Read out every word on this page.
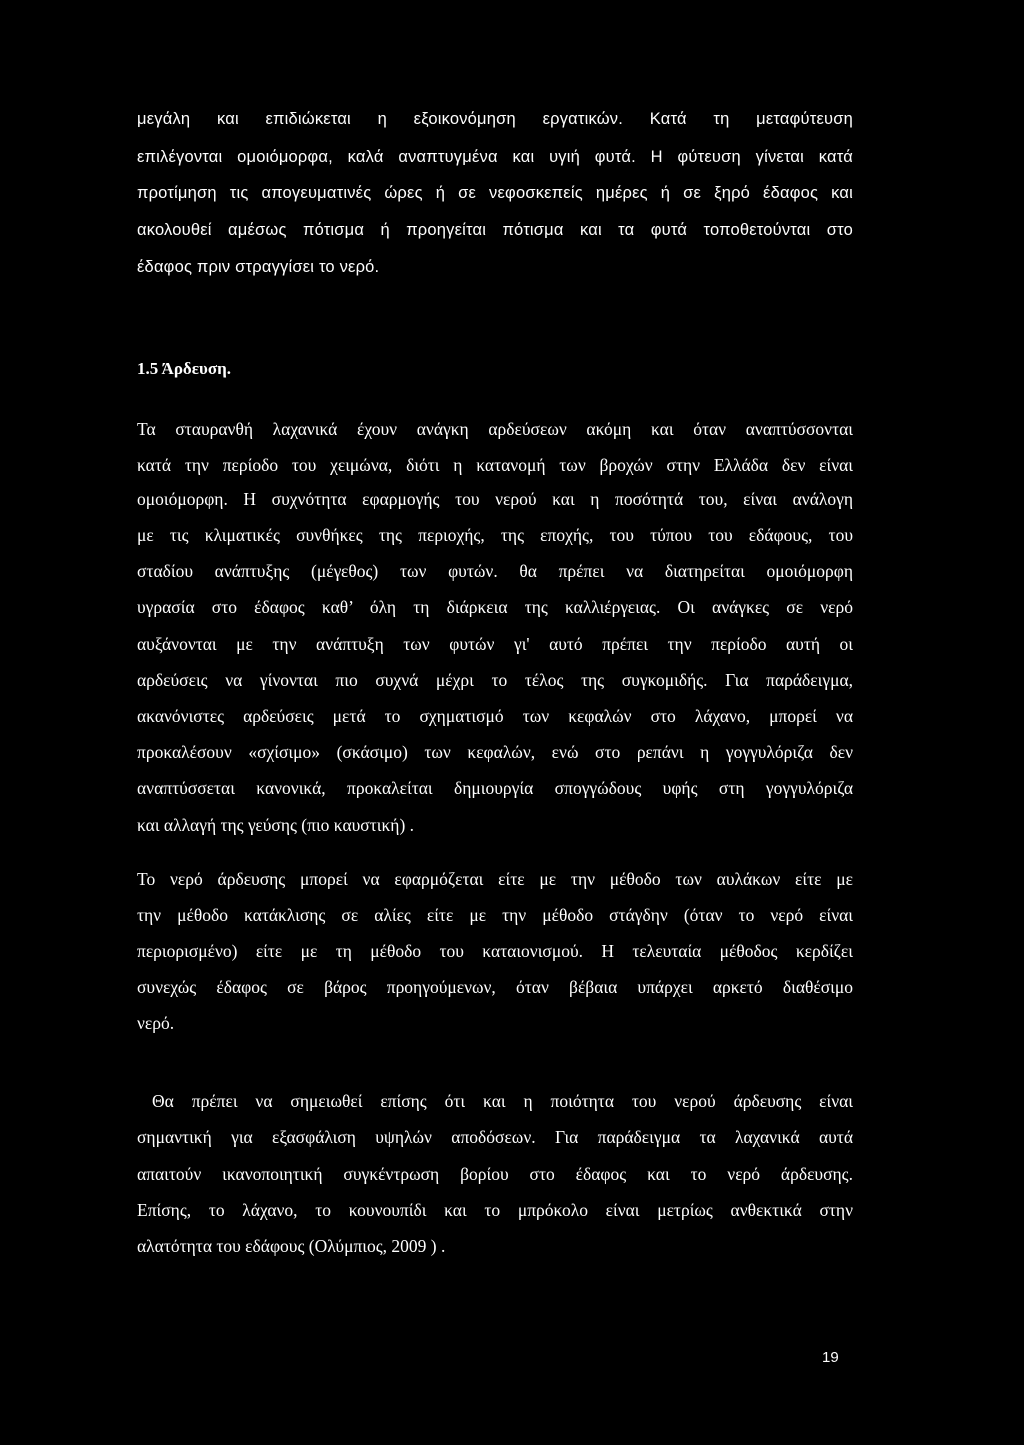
μεγάλη και επιδιώκεται η εξοικονόμηση εργατικών. Κατά τη μεταφύτευση
επιλέγονται ομοιόμορφα, καλά αναπτυγμένα και υγιή φυτά. Η φύτευση γίνεται κατά
προτίμηση τις απογευματινές ώρες ή σε νεφοσκεπείς ημέρες ή σε ξηρό έδαφος και
ακολουθεί αμέσως πότισμα ή προηγείται πότισμα και τα φυτά τοποθετούνται στο
έδαφος πριν στραγγίσει το νερό.
1.5 Άρδευση.
Τα σταυρανθή λαχανικά έχουν ανάγκη αρδεύσεων ακόμη και όταν αναπτύσσονται
κατά την περίοδο του χειμώνα, διότι η κατανομή των βροχών στην Ελλάδα δεν είναι
ομοιόμορφη. Η συχνότητα εφαρμογής του νερού και η ποσότητά του, είναι ανάλογη
με τις κλιματικές συνθήκες της περιοχής, της εποχής, του τύπου του εδάφους, του
σταδίου ανάπτυξης (μέγεθος) των φυτών. θα πρέπει να διατηρείται ομοιόμορφη
υγρασία στο έδαφος καθ’ όλη τη διάρκεια της καλλιέργειας. Οι ανάγκες σε νερό
αυξάνονται με την ανάπτυξη των φυτών γι' αυτό πρέπει την περίοδο αυτή οι
αρδεύσεις να γίνονται πιο συχνά μέχρι το τέλος της συγκομιδής. Για παράδειγμα,
ακανόνιστες αρδεύσεις μετά το σχηματισμό των κεφαλών στο λάχανο, μπορεί να
προκαλέσουν «σχίσιμο» (σκάσιμο) των κεφαλών, ενώ στο ρεπάνι η γογγυλόριζα δεν
αναπτύσσεται κανονικά, προκαλείται δημιουργία σπογγώδους υφής στη γογγυλόριζα
και αλλαγή της γεύσης (πιο καυστική) .
Το νερό άρδευσης μπορεί να εφαρμόζεται είτε με την μέθοδο των αυλάκων είτε με
την μέθοδο κατάκλισης σε αλίες είτε με την μέθοδο στάγδην (όταν το νερό είναι
περιορισμένο) είτε με τη μέθοδο του καταιονισμού. Η τελευταία μέθοδος κερδίζει
συνεχώς έδαφος σε βάρος προηγούμενων, όταν βέβαια υπάρχει αρκετό διαθέσιμο
νερό.
Θα πρέπει να σημειωθεί επίσης ότι και η ποιότητα του νερού άρδευσης είναι
σημαντική για εξασφάλιση υψηλών αποδόσεων. Για παράδειγμα τα λαχανικά αυτά
απαιτούν ικανοποιητική συγκέντρωση βορίου στο έδαφος και το νερό άρδευσης.
Επίσης, το λάχανο, το κουνουπίδι και το μπρόκολο είναι μετρίως ανθεκτικά στην
αλατότητα του εδάφους (Ολύμπιος, 2009 ) .
19
